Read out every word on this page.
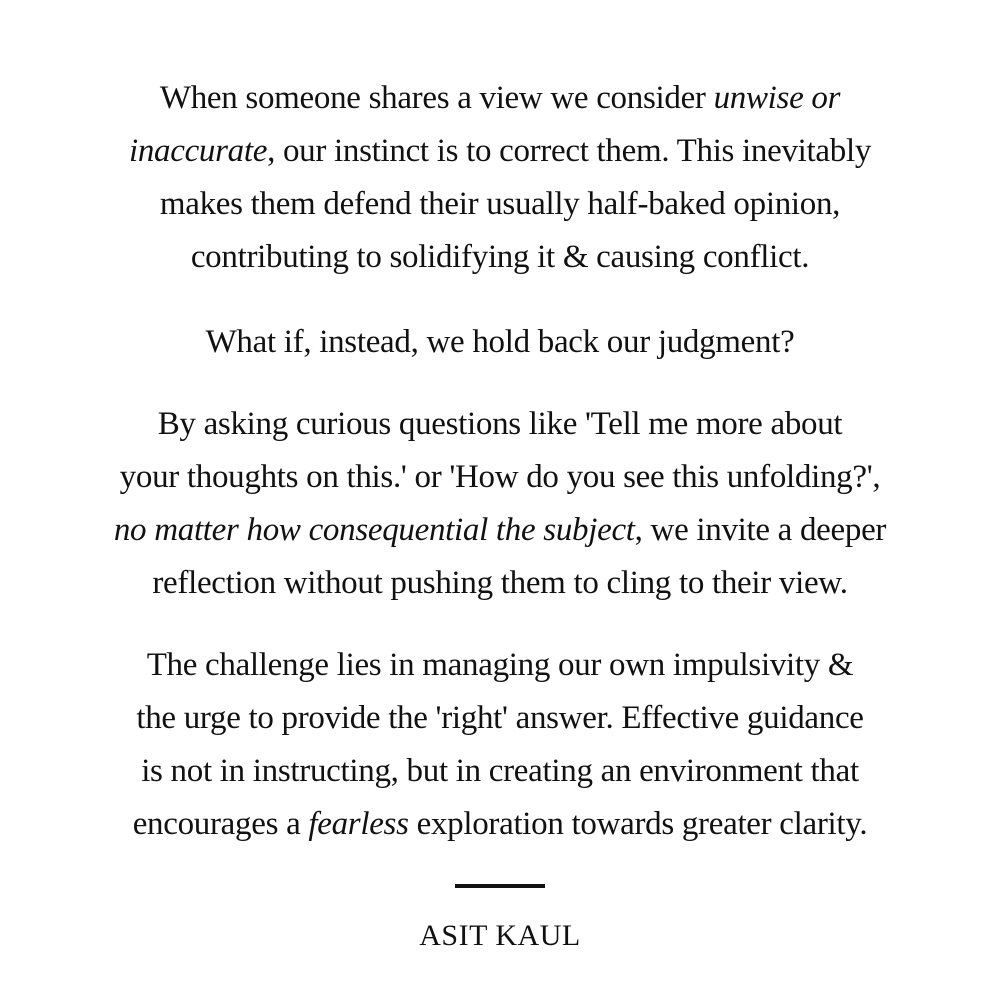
When someone shares a view we consider unwise or
inaccurate, our instinct is to correct them. This inevitably
makes them defend their usually half-baked opinion,
contributing to solidifying it & causing conflict.
What if, instead, we hold back our judgment?
By asking curious questions like 'Tell me more about
your thoughts on this.' or 'How do you see this unfolding?',
no matter how consequential the subject, we invite a deeper
reflection without pushing them to cling to their view.
The challenge lies in managing our own impulsivity &
the urge to provide the 'right' answer. Effective guidance
is not in instructing, but in creating an environment that
encourages a fearless exploration towards greater clarity.
ASIT KAUL
